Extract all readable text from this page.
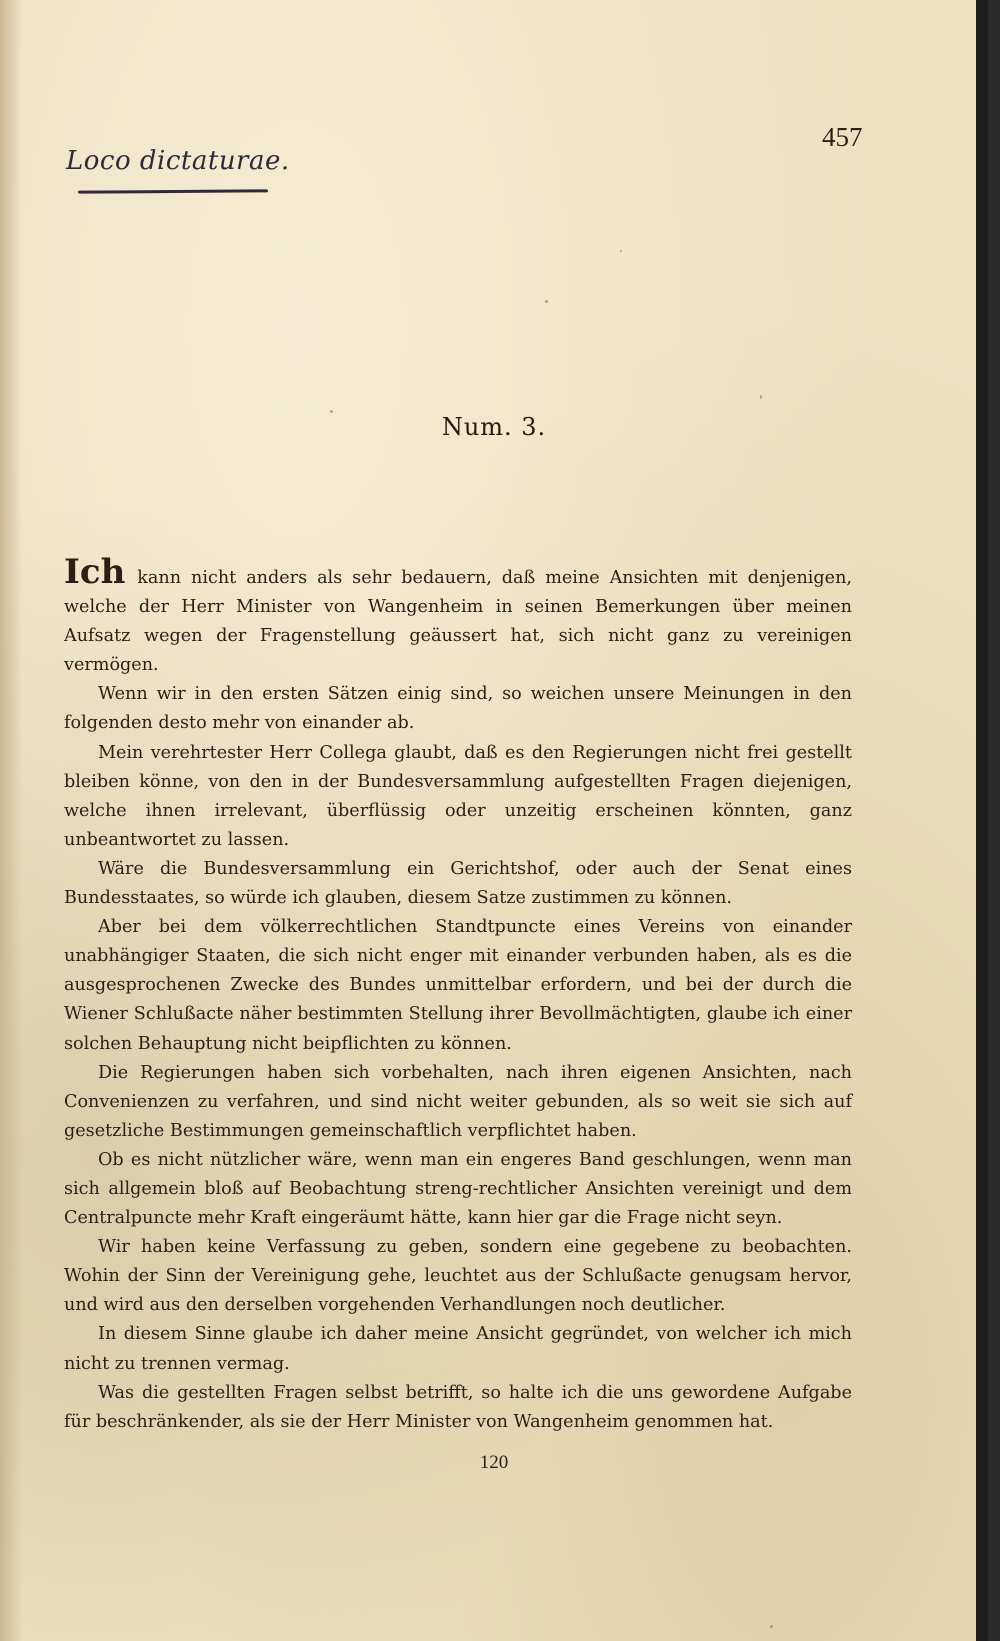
Loco dictaturae.
457
Num. 3.

Ich kann nicht anders als sehr bedauern, daß meine Ansichten mit denjenigen, welche der Herr Minister von Wangenheim in seinen Bemerkungen über meinen Aufsatz wegen der Fragenstellung geäussert hat, sich nicht ganz zu vereinigen vermögen.

Wenn wir in den ersten Sätzen einig sind, so weichen unsere Meinungen in den folgenden desto mehr von einander ab.

Mein verehrtester Herr Collega glaubt, daß es den Regierungen nicht frei gestellt bleiben könne, von den in der Bundesversammlung aufgestellten Fragen diejenigen, welche ihnen irrelevant, überflüssig oder unzeitig erscheinen könnten, ganz unbeantwortet zu lassen.

Wäre die Bundesversammlung ein Gerichtshof, oder auch der Senat eines Bundesstaates, so würde ich glauben, diesem Satze zustimmen zu können.

Aber bei dem völkerrechtlichen Standtpuncte eines Vereins von einander unabhängiger Staaten, die sich nicht enger mit einander verbunden haben, als es die ausgesprochenen Zwecke des Bundes unmittelbar erfordern, und bei der durch die Wiener Schlußacte näher bestimmten Stellung ihrer Bevollmächtigten, glaube ich einer solchen Behauptung nicht beipflichten zu können.

Die Regierungen haben sich vorbehalten, nach ihren eigenen Ansichten, nach Convenienzen zu verfahren, und sind nicht weiter gebunden, als so weit sie sich auf gesetzliche Bestimmungen gemeinschaftlich verpflichtet haben.

Ob es nicht nützlicher wäre, wenn man ein engeres Band geschlungen, wenn man sich allgemein bloß auf Beobachtung streng-rechtlicher Ansichten vereinigt und dem Centralpuncte mehr Kraft eingeräumt hätte, kann hier gar die Frage nicht seyn.

Wir haben keine Verfassung zu geben, sondern eine gegebene zu beobachten. Wohin der Sinn der Vereinigung gehe, leuchtet aus der Schlußacte genugsam hervor, und wird aus den derselben vorgehenden Verhandlungen noch deutlicher.

In diesem Sinne glaube ich daher meine Ansicht gegründet, von welcher ich mich nicht zu trennen vermag.

Was die gestellten Fragen selbst betrifft, so halte ich die uns gewordene Aufgabe für beschränkender, als sie der Herr Minister von Wangenheim genommen hat.

120
